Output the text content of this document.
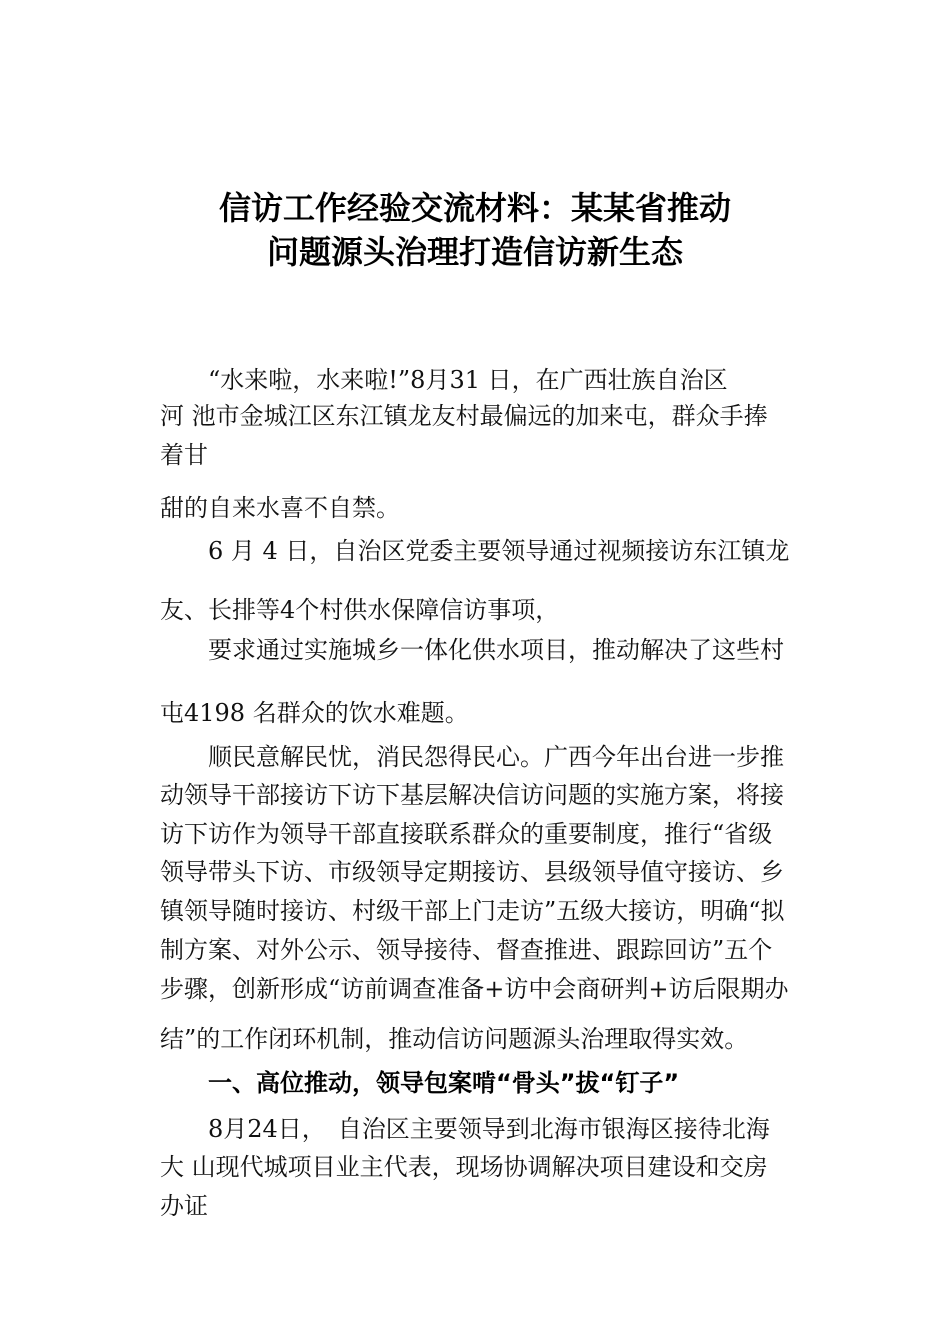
信访工作经验交流材料：某某省推动
问题源头治理打造信访新生态
“水来啦，水来啦!”8月31 日，在广西壮族自治区
河 池市金城江区东江镇龙友村最偏远的加来屯，群众手捧
着甘
甜的自来水喜不自禁。
6 月 4 日，自治区党委主要领导通过视频接访东江镇龙
友、长排等4个村供水保障信访事项，
要求通过实施城乡一体化供水项目，推动解决了这些村
屯4198 名群众的饮水难题。
顺民意解民忧，消民怨得民心。广西今年出台进一步推
动领导干部接访下访下基层解决信访问题的实施方案，将接
访下访作为领导干部直接联系群众的重要制度，推行“省级
领导带头下访、市级领导定期接访、县级领导值守接访、乡
镇领导随时接访、村级干部上门走访”五级大接访，明确“拟
制方案、对外公示、领导接待、督查推进、跟踪回访”五个
步骤，创新形成“访前调查准备+访中会商研判+访后限期办
结”的工作闭环机制，推动信访问题源头治理取得实效。
一、高位推动，领导包案啃“骨头”拔“钉子”
8月24日，　自治区主要领导到北海市银海区接待北海
大 山现代城项目业主代表，现场协调解决项目建设和交房
办证
